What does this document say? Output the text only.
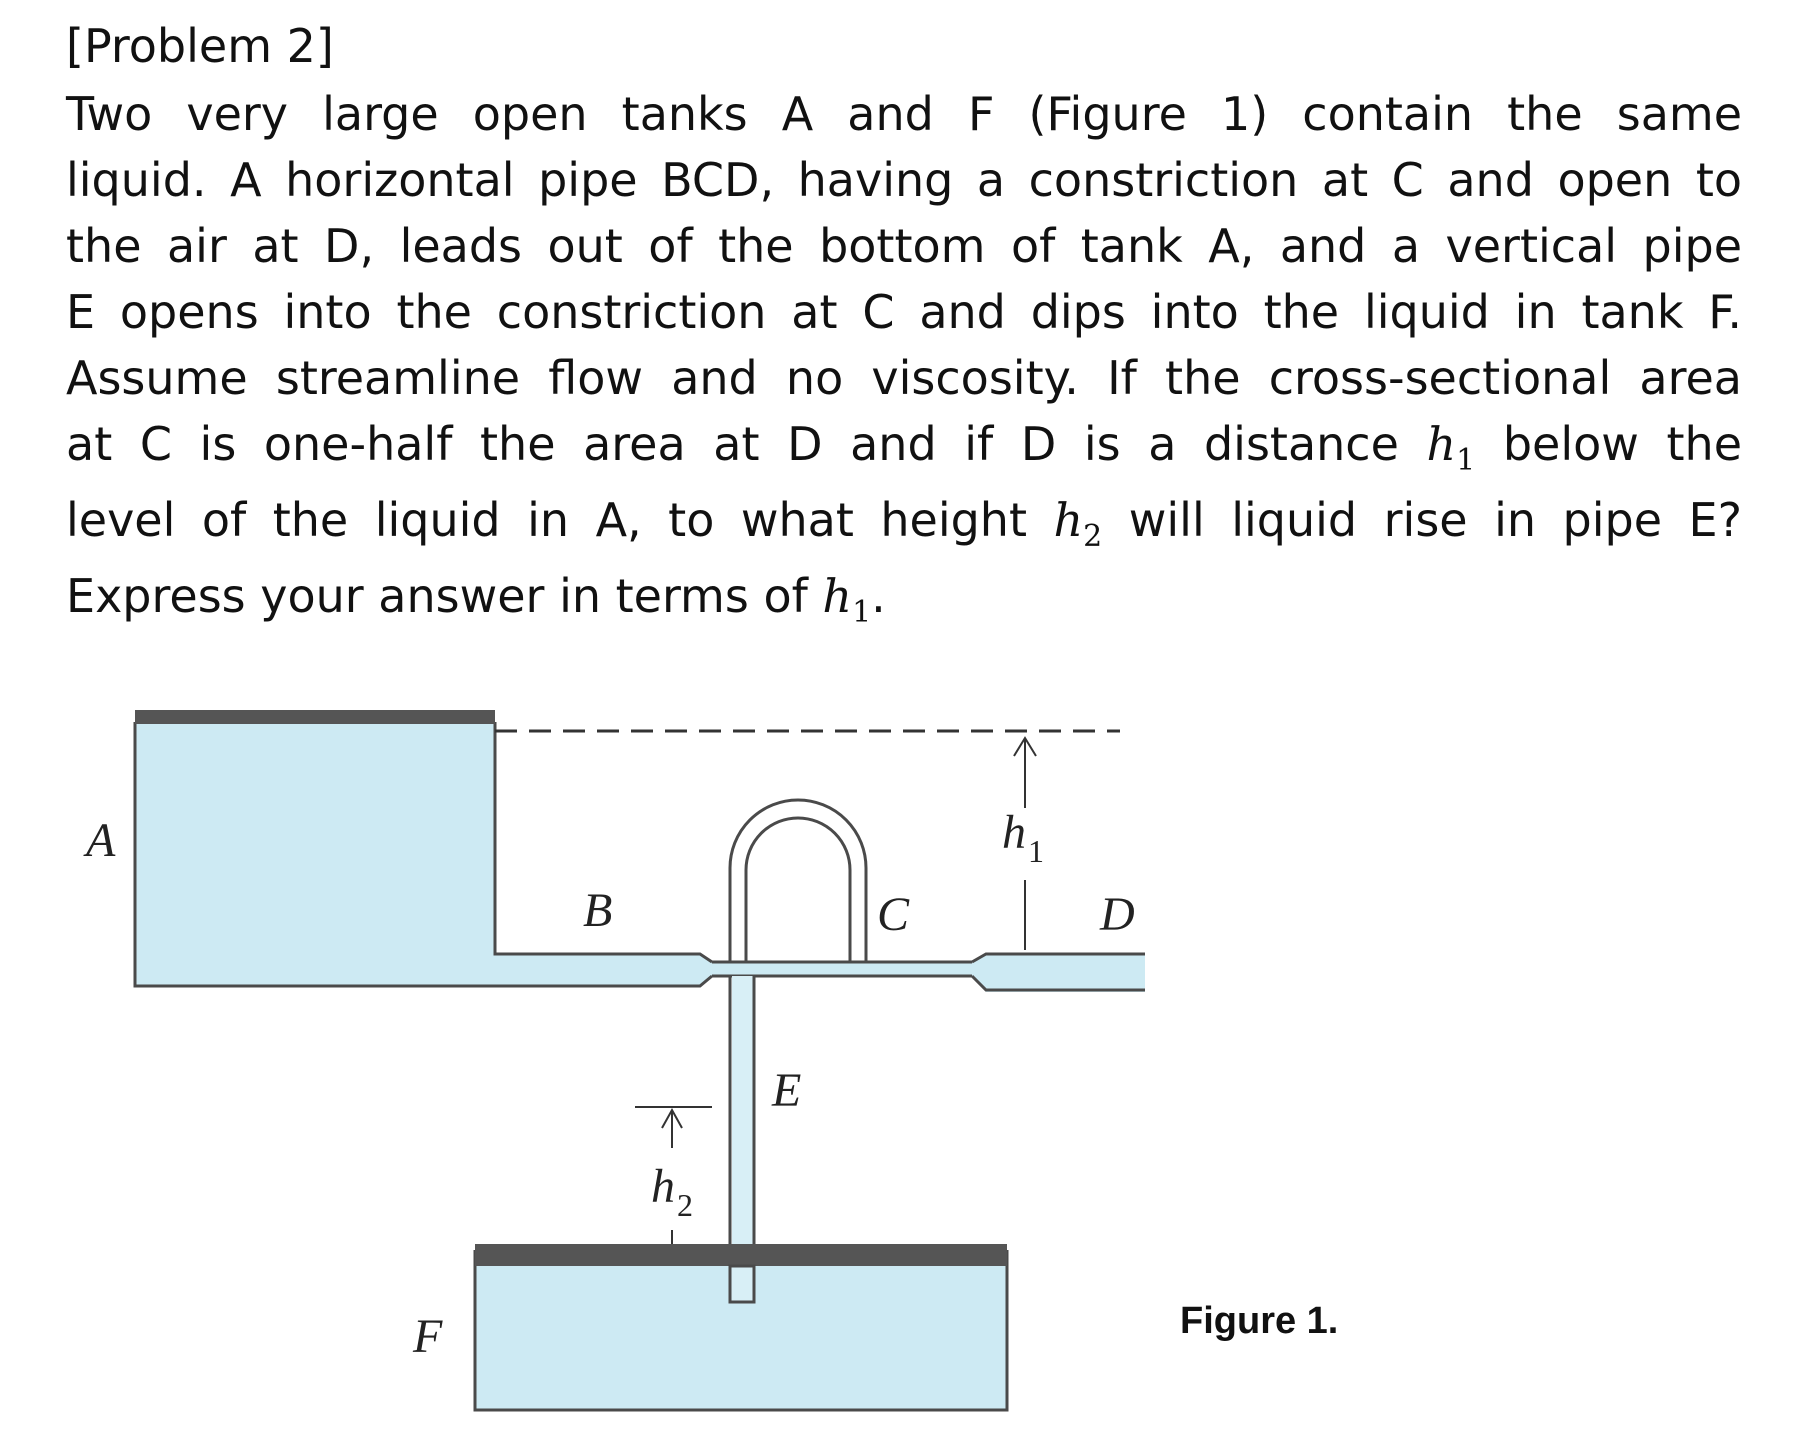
[Problem 2]
Two very large open tanks A and F (Figure 1) contain the same
liquid. A horizontal pipe BCD, having a constriction at C and open to
the air at D, leads out of the bottom of tank A, and a vertical pipe
E opens into the constriction at C and dips into the liquid in tank F.
Assume streamline flow and no viscosity. If the cross-sectional area
at C is one-half the area at D and if D is a distance $h_1$ below the
level of the liquid in A, to what height $h_2$ will liquid rise in pipe E?
Express your answer in terms of $h_1$.
A
B	C	D
E
F
h 1
h 2
Figure 1.
